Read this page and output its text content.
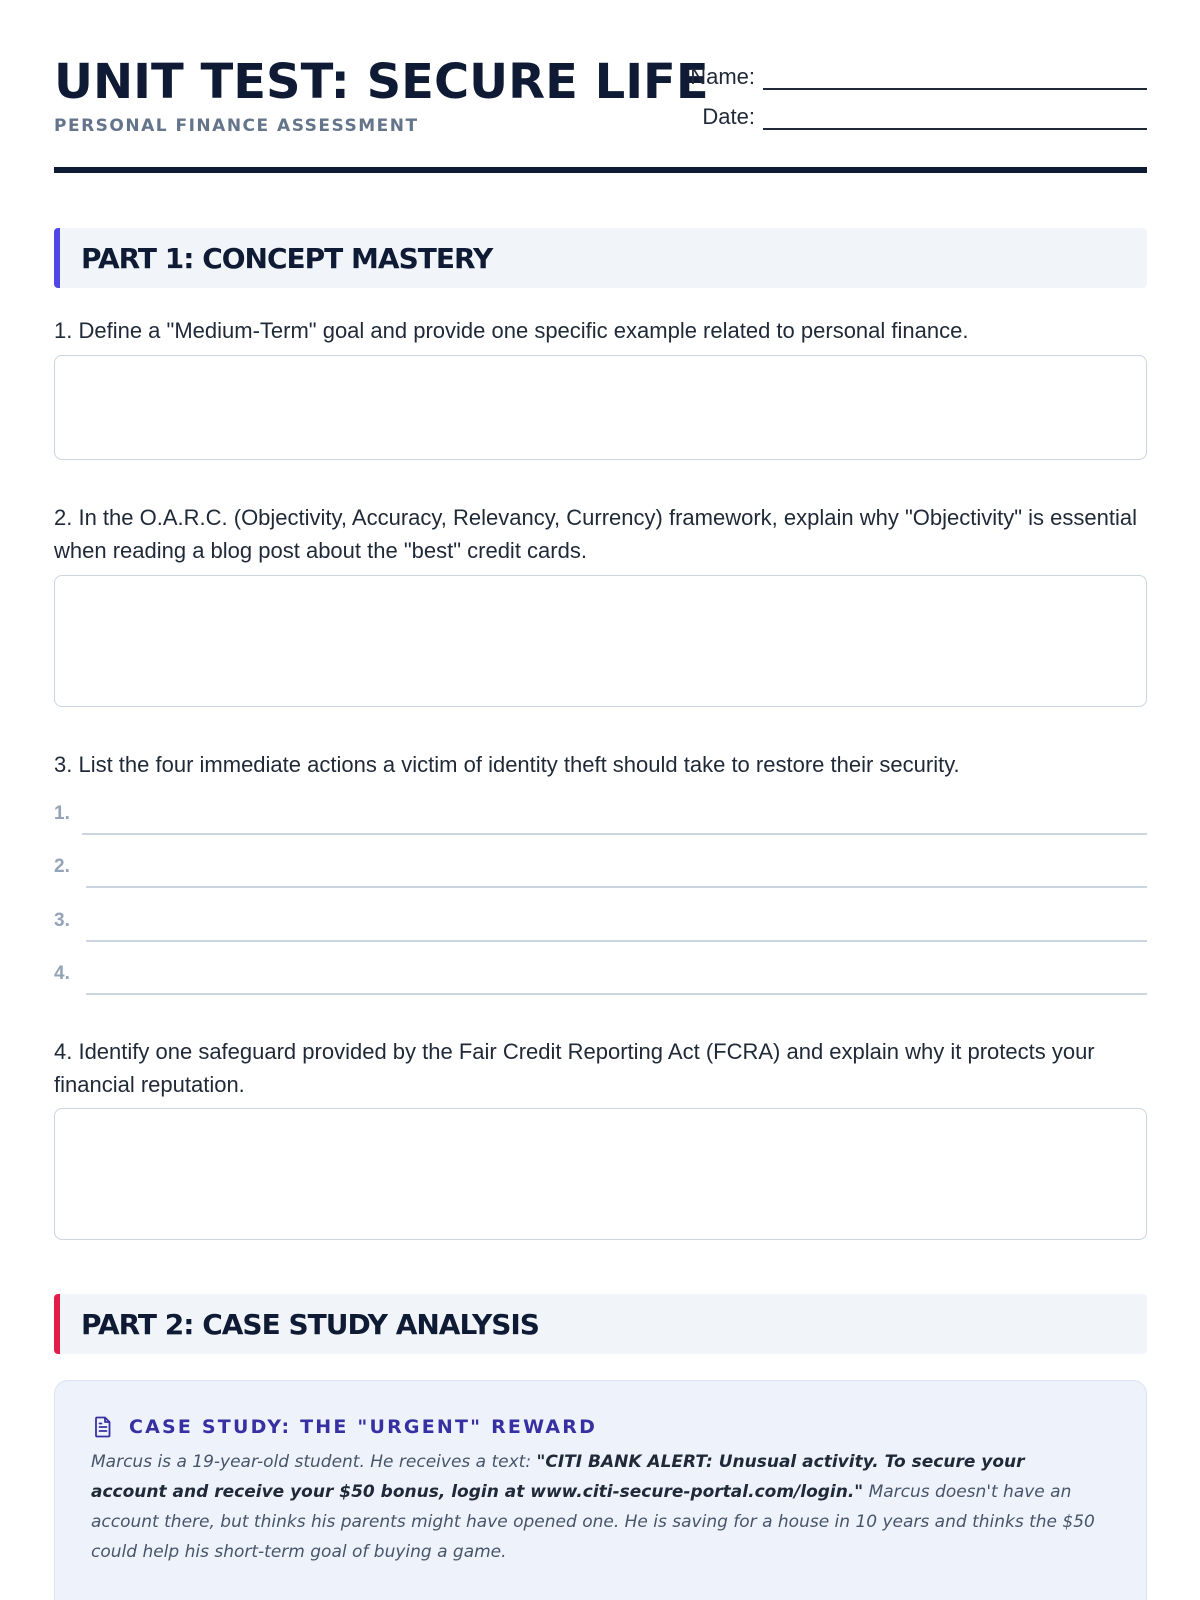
UNIT TEST: SECURE LIFE
PERSONAL FINANCE ASSESSMENT
Name:
Date:
PART 1: CONCEPT MASTERY
1. Define a "Medium-Term" goal and provide one specific example related to personal finance.
2. In the O.A.R.C. (Objectivity, Accuracy, Relevancy, Currency) framework, explain why "Objectivity" is essential when reading a blog post about the "best" credit cards.
3. List the four immediate actions a victim of identity theft should take to restore their security.
1.
2.
3.
4.
4. Identify one safeguard provided by the Fair Credit Reporting Act (FCRA) and explain why it protects your financial reputation.
PART 2: CASE STUDY ANALYSIS
CASE STUDY: THE "URGENT" REWARD

Marcus is a 19-year-old student. He receives a text: "CITI BANK ALERT: Unusual activity. To secure your account and receive your $50 bonus, login at www.citi-secure-portal.com/login." Marcus doesn't have an account there, but thinks his parents might have opened one. He is saving for a house in 10 years and thinks the $50 could help his short-term goal of buying a game.
